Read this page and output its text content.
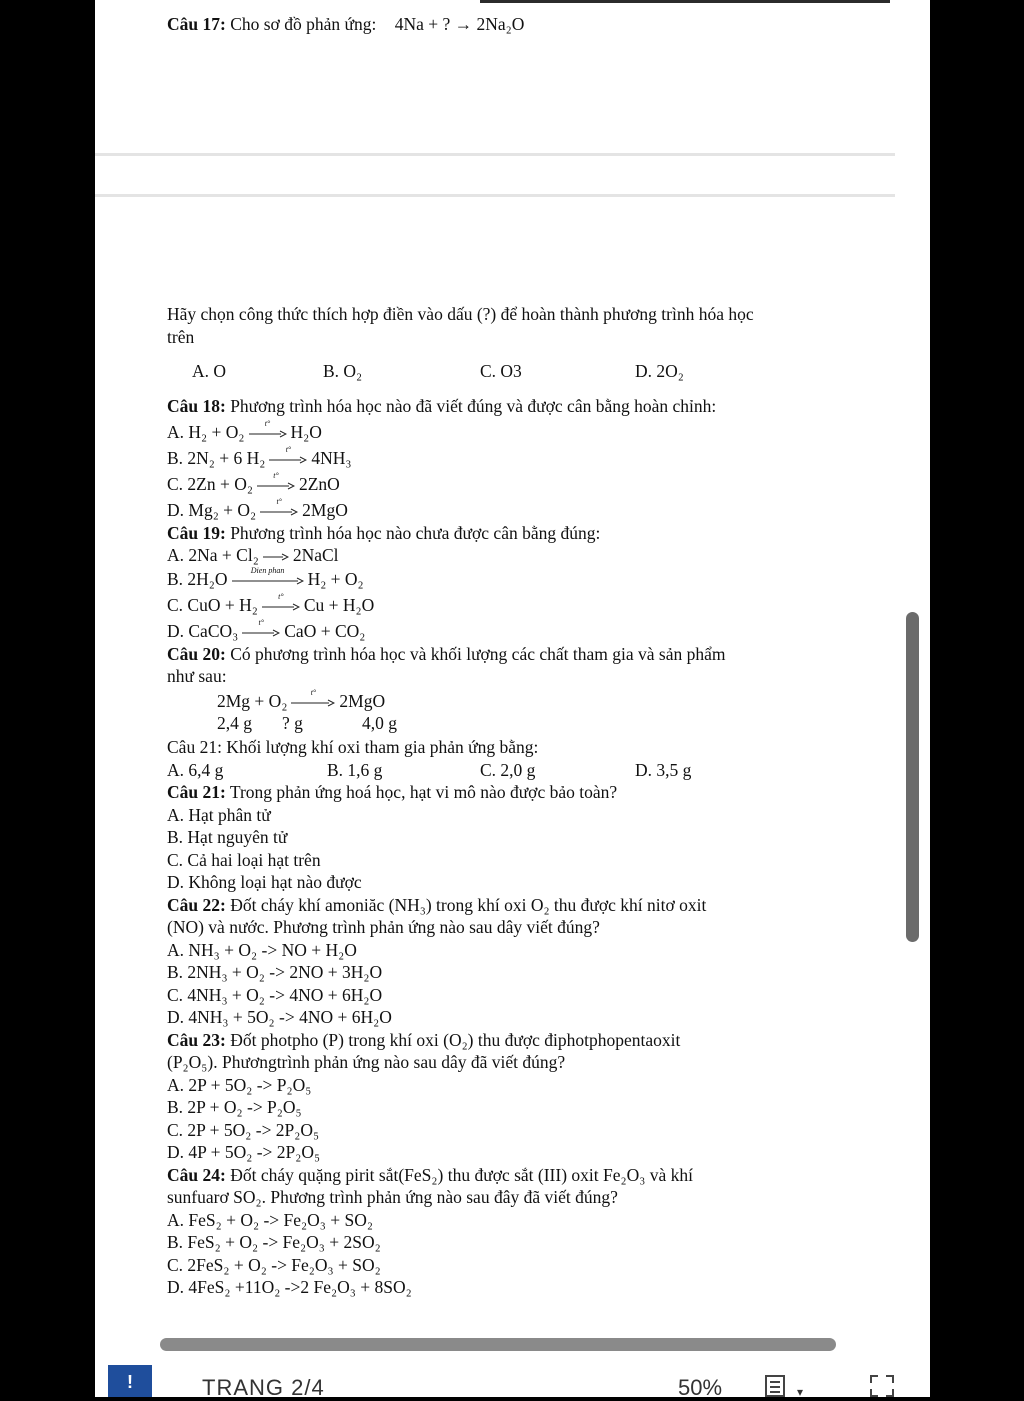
Câu 17: Cho sơ đồ phản ứng: 4Na + ? → 2Na₂O
Hãy chọn công thức thích hợp điền vào dấu (?) để hoàn thành phương trình hóa học
trên
A. O	B. O₂	C. O3	D. 2O₂
Câu 18: Phương trình hóa học nào đã viết đúng và được cân bằng hoàn chỉnh:
A. H₂ + O₂	t°	H₂O
B. 2N₂ + 6 H₂	t°	4NH₃
C. 2Zn + O₂	t°	2ZnO
D. Mg₂ + O₂	t°	2MgO
Câu 19: Phương trình hóa học nào chưa được cân bằng đúng:
A. 2Na + Cl₂ → 2NaCl
B. 2H₂O	Dien phan	H₂ + O₂
C. CuO + H₂	t°	Cu + H₂O
D. CaCO₃	t°	CaO + CO₂
Câu 20: Có phương trình hóa học và khối lượng các chất tham gia và sản phẩm
như sau:
2Mg + O₂	t°	2MgO
2,4 g ? g	4,0 g
Câu 21: Khối lượng khí oxi tham gia phản ứng bằng:
A. 6,4 g	B. 1,6 g	C. 2,0 g	D. 3,5 g
Câu 21: Trong phản ứng hoá học, hạt vi mô nào được bảo toàn?
A. Hạt phân tử
B. Hạt nguyên tử
C. Cả hai loại hạt trên
D. Không loại hạt nào được
Câu 22: Đốt cháy khí amoniăc (NH₃) trong khí oxi O₂ thu được khí nitơ oxit
(NO) và nước. Phương trình phản ứng nào sau dây viết đúng?
A. NH₃ + O₂ -> NO + H₂O
B. 2NH₃ + O₂ -> 2NO + 3H₂O
C. 4NH₃ + O₂ -> 4NO + 6H₂O
D. 4NH₃ + 5O₂ -> 4NO + 6H₂O
Câu 23: Đốt photpho (P) trong khí oxi (O₂) thu được điphotphopentaoxit
(P₂O₅). Phươngtrình phản ứng nào sau dây đã viết đúng?
A. 2P + 5O₂ -> P₂O₅
B. 2P + O₂ -> P₂O₅
C. 2P + 5O₂ -> 2P₂O₅
D. 4P + 5O₂ -> 2P₂O₅
Câu 24: Đốt cháy quặng pirit sắt(FeS₂) thu được sắt (III) oxit Fe₂O₃ và khí
sunfuarơ SO₂. Phương trình phản ứng nào sau đây đã viết đúng?
A. FeS₂ + O₂ -> Fe₂O₃ + SO₂
B. FeS₂ + O₂ -> Fe₂O₃ + 2SO₂
C. 2FeS₂ + O₂ -> Fe₂O₃ + SO₂
D. 4FeS₂ +11O₂ ->2 Fe₂O₃ + 8SO₂
!	TRANG 2/4	50%	▾
